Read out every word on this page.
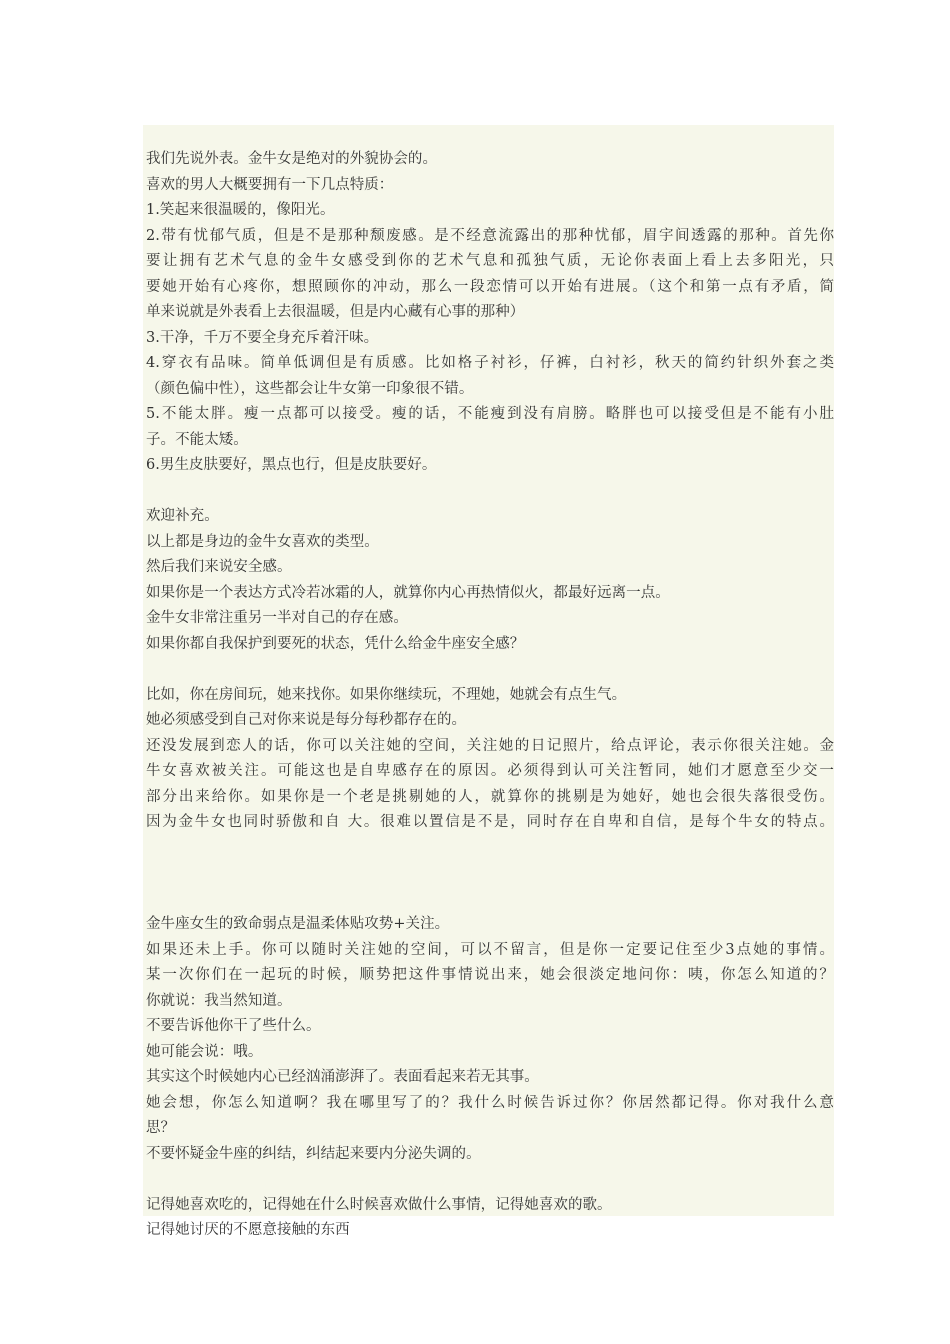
我们先说外表。金牛女是绝对的外貌协会的。
喜欢的男人大概要拥有一下几点特质：
1.笑起来很温暖的，像阳光。
2.带有忧郁气质，但是不是那种颓废感。是不经意流露出的那种忧郁，眉宇间透露的那种。首先你
要让拥有艺术气息的金牛女感受到你的艺术气息和孤独气质，无论你表面上看上去多阳光，只
要她开始有心疼你，想照顾你的冲动，那么一段恋情可以开始有进展。（这个和第一点有矛盾，简
单来说就是外表看上去很温暖，但是内心藏有心事的那种）
3.干净，千万不要全身充斥着汗味。
4.穿衣有品味。简单低调但是有质感。比如格子衬衫，仔裤，白衬衫，秋天的简约针织外套之类
（颜色偏中性），这些都会让牛女第一印象很不错。
5.不能太胖。瘦一点都可以接受。瘦的话，不能瘦到没有肩膀。略胖也可以接受但是不能有小肚
子。不能太矮。
6.男生皮肤要好，黑点也行，但是皮肤要好。
欢迎补充。
以上都是身边的金牛女喜欢的类型。
然后我们来说安全感。
如果你是一个表达方式冷若冰霜的人，就算你内心再热情似火，都最好远离一点。
金牛女非常注重另一半对自己的存在感。
如果你都自我保护到要死的状态，凭什么给金牛座安全感？
比如，你在房间玩，她来找你。如果你继续玩，不理她，她就会有点生气。
她必须感受到自己对你来说是每分每秒都存在的。
还没发展到恋人的话，你可以关注她的空间，关注她的日记照片，给点评论，表示你很关注她。金
牛女喜欢被关注。可能这也是自卑感存在的原因。必须得到认可关注暂同，她们才愿意至少交一
部分出来给你。如果你是一个老是挑剔她的人，就算你的挑剔是为她好，她也会很失落很受伤。
因为金牛女也同时骄傲和自 大。很难以置信是不是，同时存在自卑和自信，是每个牛女的特点。
金牛座女生的致命弱点是温柔体贴攻势+关注。
如果还未上手。你可以随时关注她的空间，可以不留言，但是你一定要记住至少3点她的事情。
某一次你们在一起玩的时候，顺势把这件事情说出来，她会很淡定地问你：咦，你怎么知道的？
你就说：我当然知道。
不要告诉他你干了些什么。
她可能会说：哦。
其实这个时候她内心已经汹涌澎湃了。表面看起来若无其事。
她会想，你怎么知道啊？我在哪里写了的？我什么时候告诉过你？你居然都记得。你对我什么意
思？
不要怀疑金牛座的纠结，纠结起来要内分泌失调的。
记得她喜欢吃的，记得她在什么时候喜欢做什么事情，记得她喜欢的歌。
记得她讨厌的不愿意接触的东西
